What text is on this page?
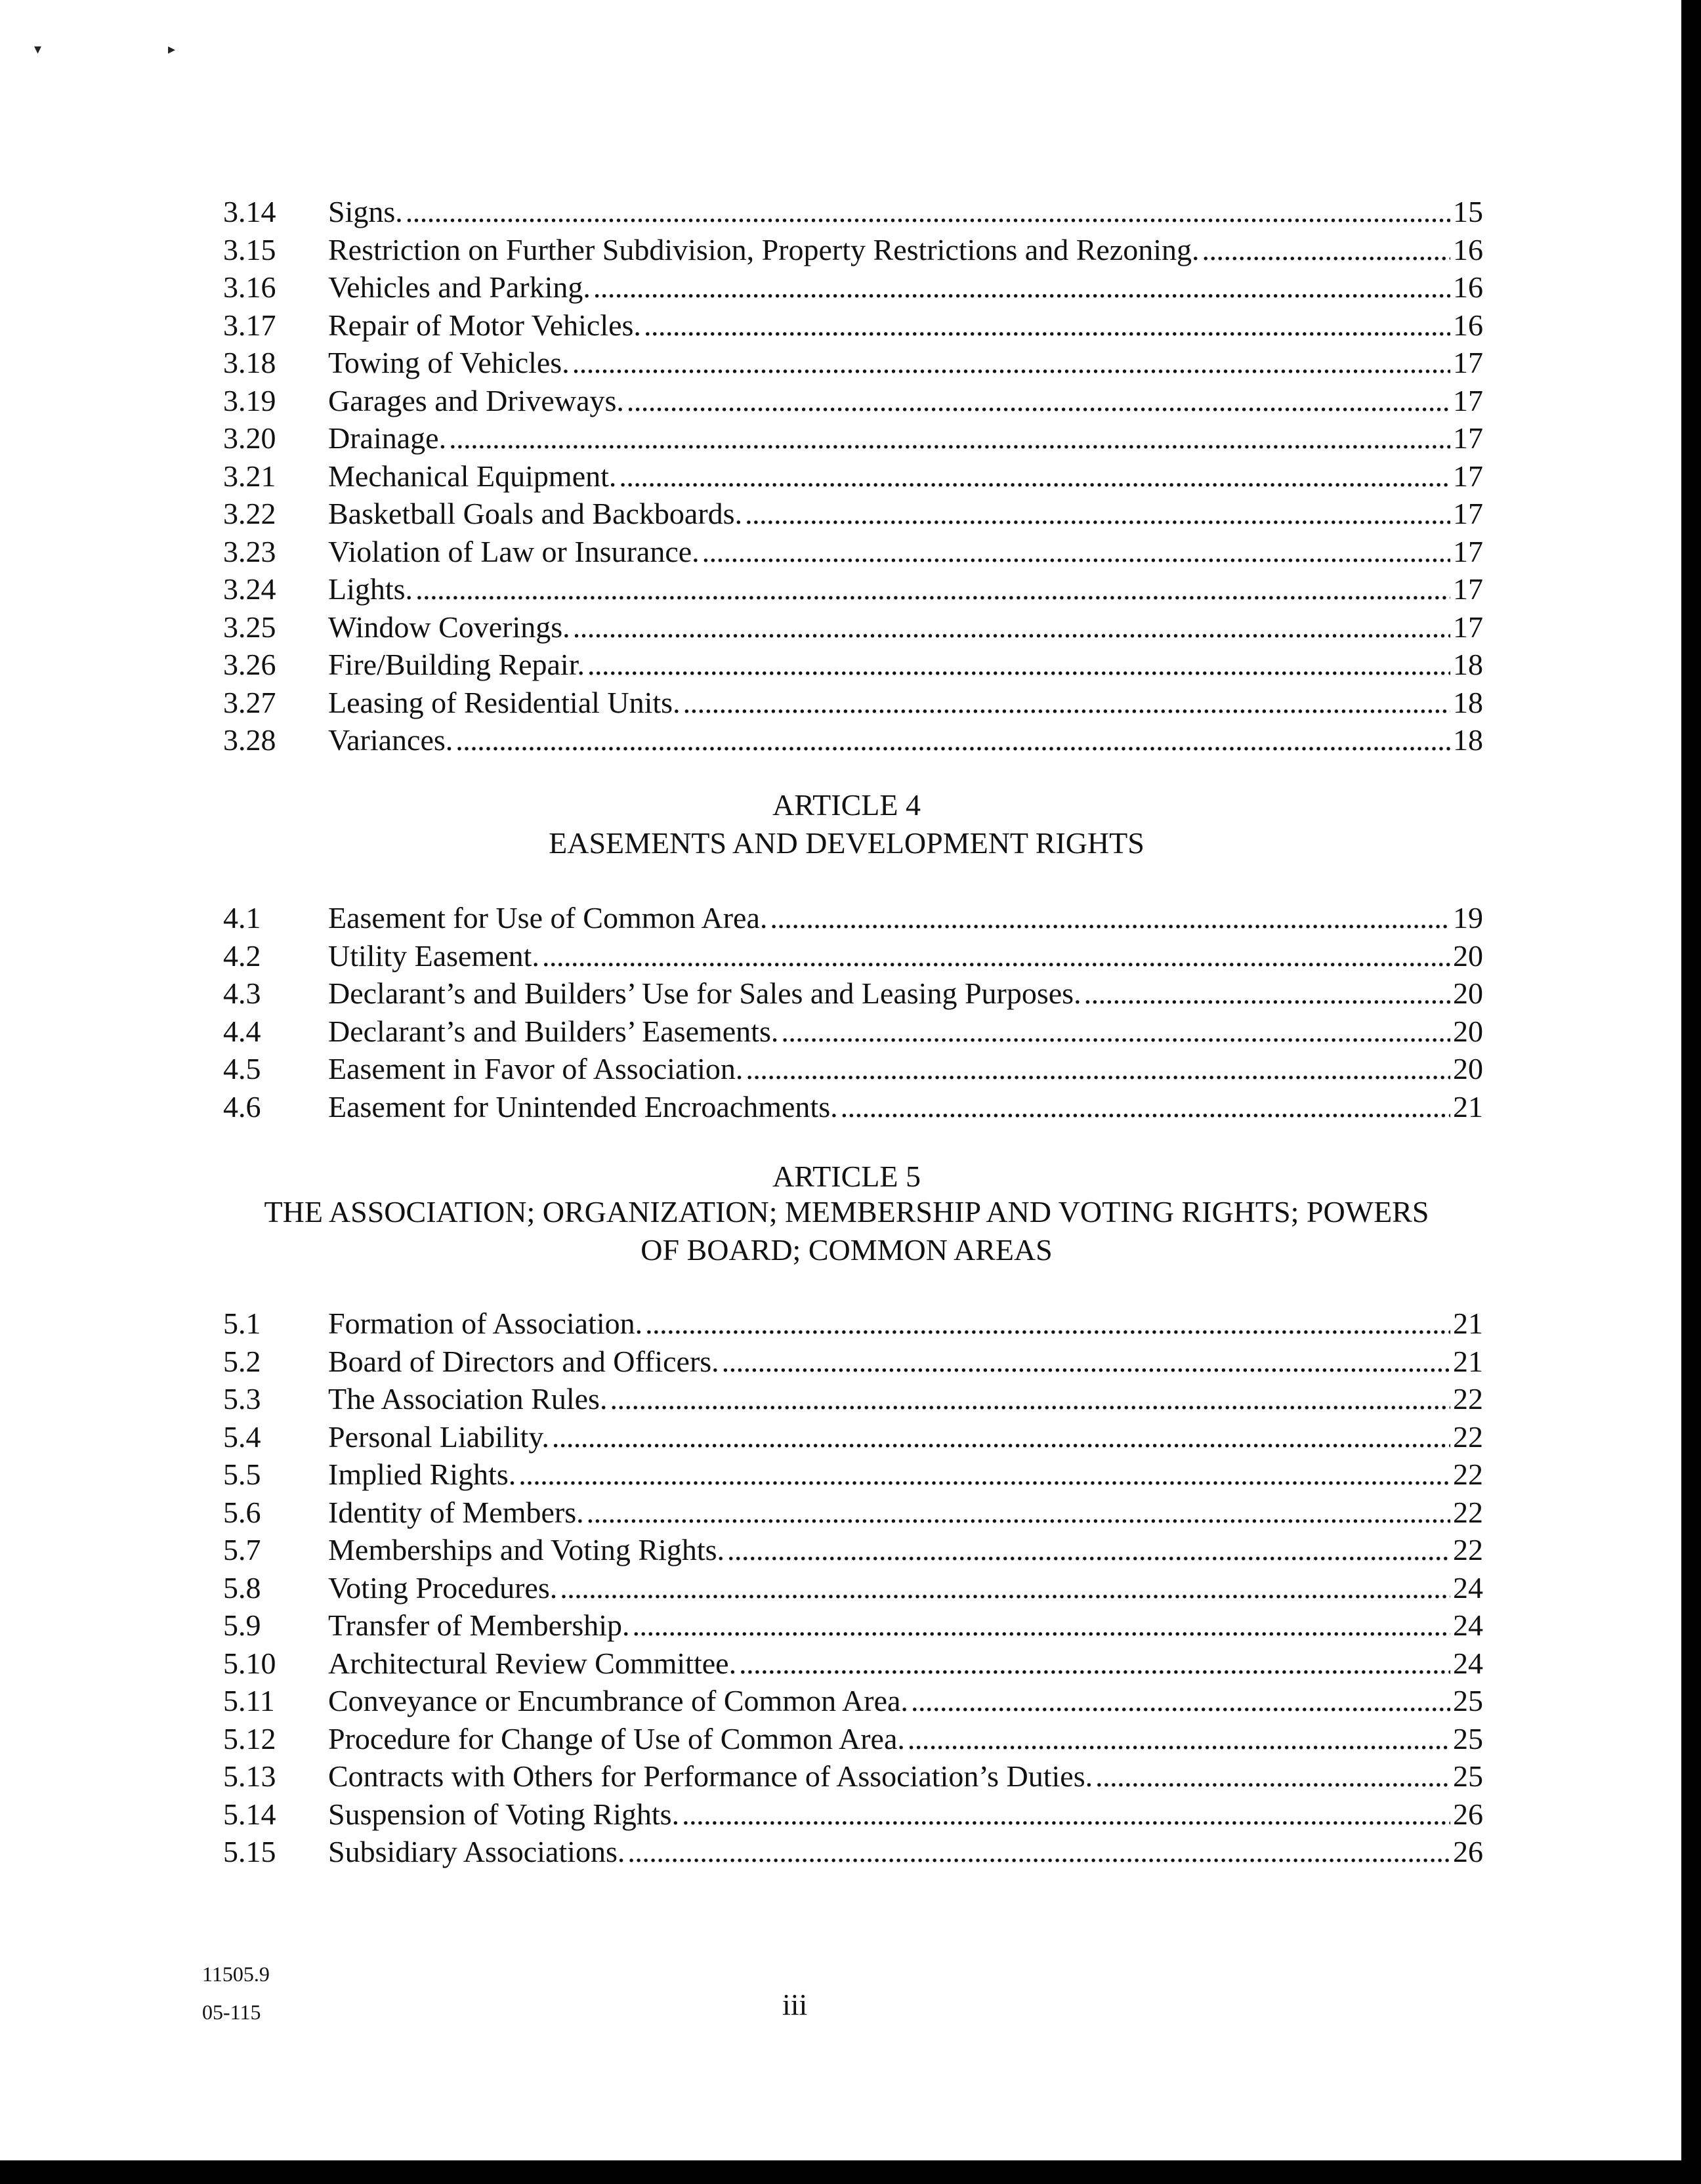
▾	▸
3.14	Signs. . . .	15
3.15	Restriction on Further Subdivision, Property Restrictions and Rezoning. . . .	16
3.16	Vehicles and Parking. . . .	16
3.17	Repair of Motor Vehicles. . . .	16
3.18	Towing of Vehicles. . . .	17
3.19	Garages and Driveways. . . .	17
3.20	Drainage. . . .	17
3.21	Mechanical Equipment. . . .	17
3.22	Basketball Goals and Backboards. . . .	17
3.23	Violation of Law or Insurance. . . .	17
3.24	Lights. . . .	17
3.25	Window Coverings. . . .	17
3.26	Fire/Building Repair. . . .	18
3.27	Leasing of Residential Units. . . .	18
3.28	Variances. . . .	18
ARTICLE 4
EASEMENTS AND DEVELOPMENT RIGHTS
4.1	Easement for Use of Common Area. . . .	19
4.2	Utility Easement. . . .	20
4.3	Declarant’s and Builders’ Use for Sales and Leasing Purposes. . . .	20
4.4	Declarant’s and Builders’ Easements. . . .	20
4.5	Easement in Favor of Association. . . .	20
4.6	Easement for Unintended Encroachments. . . .	21
ARTICLE 5
THE ASSOCIATION; ORGANIZATION; MEMBERSHIP AND VOTING RIGHTS; POWERS
OF BOARD; COMMON AREAS
5.1	Formation of Association. . . .	21
5.2	Board of Directors and Officers. . . .	21
5.3	The Association Rules. . . .	22
5.4	Personal Liability. . . .	22
5.5	Implied Rights. . . .	22
5.6	Identity of Members. . . .	22
5.7	Memberships and Voting Rights. . . .	22
5.8	Voting Procedures. . . .	24
5.9	Transfer of Membership. . . .	24
5.10	Architectural Review Committee. . . .	24
5.11	Conveyance or Encumbrance of Common Area. . . .	25
5.12	Procedure for Change of Use of Common Area. . . .	25
5.13	Contracts with Others for Performance of Association’s Duties. . . .	25
5.14	Suspension of Voting Rights. . . .	26
5.15	Subsidiary Associations. . . .	26
11505.9
05-115	iii
